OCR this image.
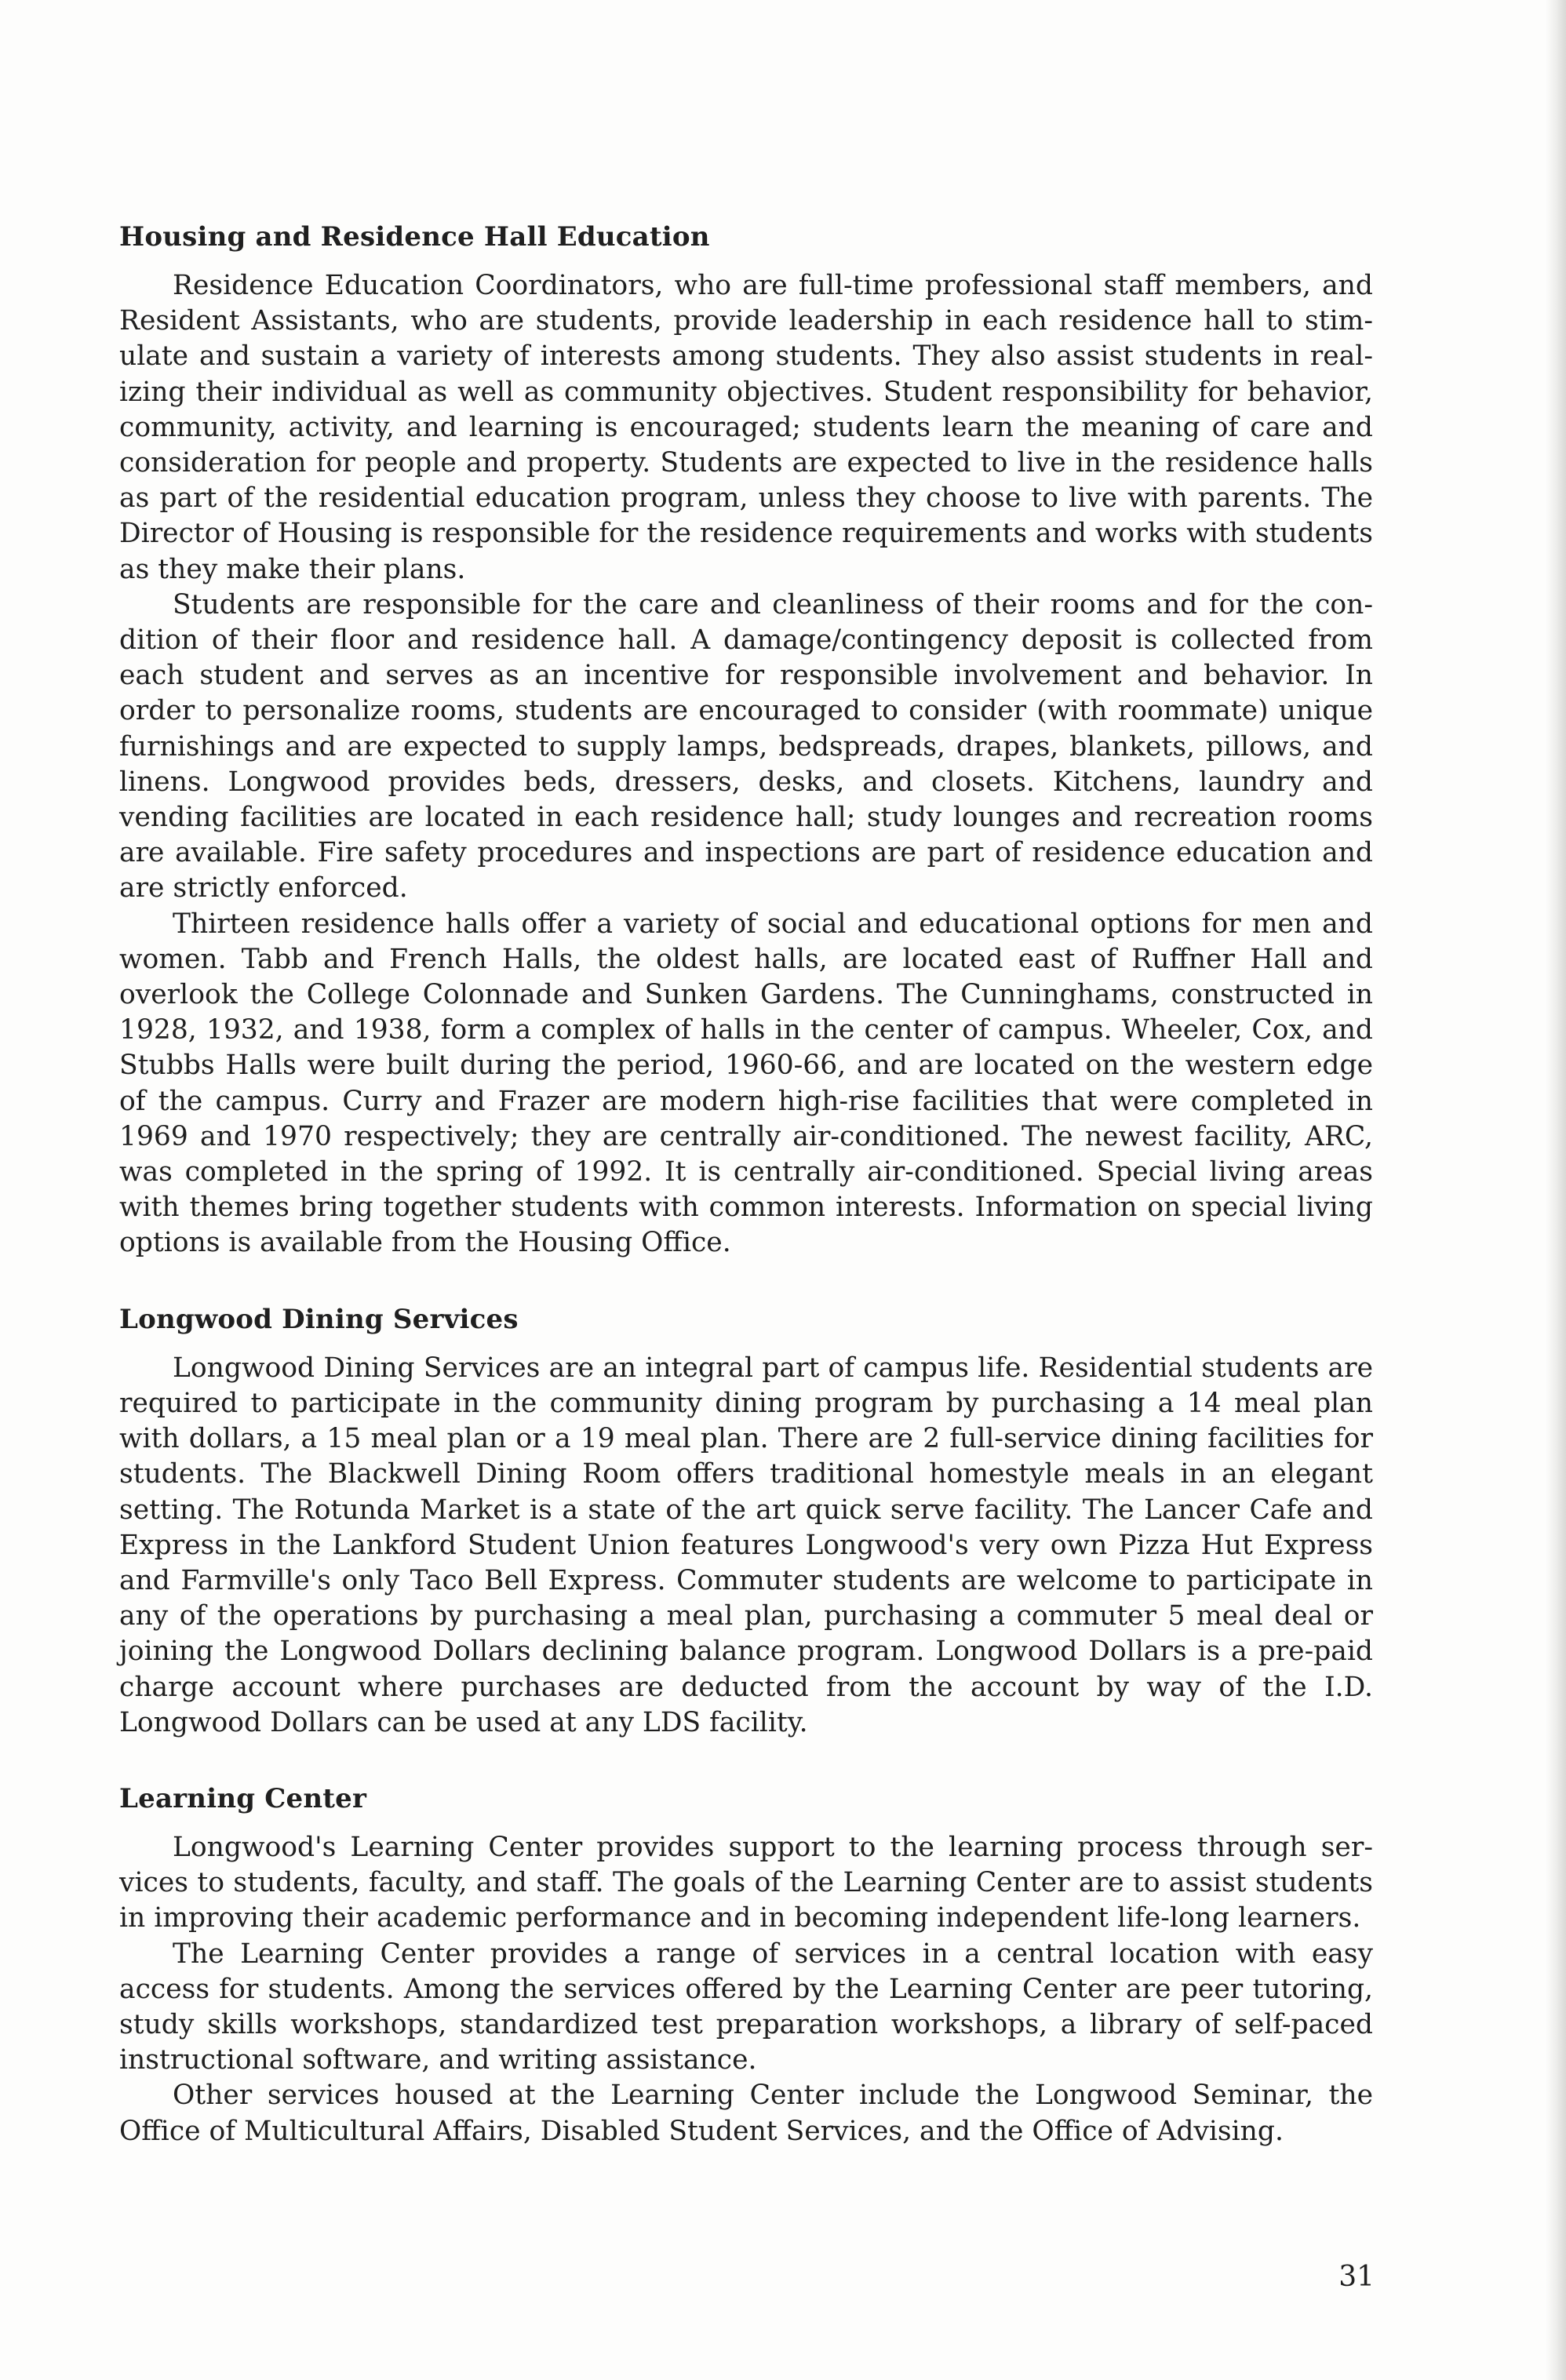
Housing and Residence Hall Education

Residence Education Coordinators, who are full-time professional staff members, and Resident Assistants, who are students, provide leadership in each residence hall to stimulate and sustain a variety of interests among students. They also assist students in realizing their individual as well as community objectives. Student responsibility for behavior, community, activity, and learning is encouraged; students learn the meaning of care and consideration for people and property. Students are expected to live in the residence halls as part of the residential education program, unless they choose to live with parents. The Director of Housing is responsible for the residence requirements and works with students as they make their plans.

Students are responsible for the care and cleanliness of their rooms and for the condition of their floor and residence hall. A damage/contingency deposit is collected from each student and serves as an incentive for responsible involvement and behavior. In order to personalize rooms, students are encouraged to consider (with roommate) unique furnishings and are expected to supply lamps, bedspreads, drapes, blankets, pillows, and linens. Longwood provides beds, dressers, desks, and closets. Kitchens, laundry and vending facilities are located in each residence hall; study lounges and recreation rooms are available. Fire safety procedures and inspections are part of residence education and are strictly enforced.

Thirteen residence halls offer a variety of social and educational options for men and women. Tabb and French Halls, the oldest halls, are located east of Ruffner Hall and overlook the College Colonnade and Sunken Gardens. The Cunninghams, constructed in 1928, 1932, and 1938, form a complex of halls in the center of campus. Wheeler, Cox, and Stubbs Halls were built during the period, 1960-66, and are located on the western edge of the campus. Curry and Frazer are modern high-rise facilities that were completed in 1969 and 1970 respectively; they are centrally air-conditioned. The newest facility, ARC, was completed in the spring of 1992. It is centrally air-conditioned. Special living areas with themes bring together students with common interests. Information on special living options is available from the Housing Office.

Longwood Dining Services

Longwood Dining Services are an integral part of campus life. Residential students are required to participate in the community dining program by purchasing a 14 meal plan with dollars, a 15 meal plan or a 19 meal plan. There are 2 full-service dining facilities for students. The Blackwell Dining Room offers traditional homestyle meals in an elegant setting. The Rotunda Market is a state of the art quick serve facility. The Lancer Cafe and Express in the Lankford Student Union features Longwood's very own Pizza Hut Express and Farmville's only Taco Bell Express. Commuter students are welcome to participate in any of the operations by purchasing a meal plan, purchasing a commuter 5 meal deal or joining the Longwood Dollars declining balance program. Longwood Dollars is a pre-paid charge account where purchases are deducted from the account by way of the I.D. Longwood Dollars can be used at any LDS facility.

Learning Center

Longwood's Learning Center provides support to the learning process through services to students, faculty, and staff. The goals of the Learning Center are to assist students in improving their academic performance and in becoming independent life-long learners.

The Learning Center provides a range of services in a central location with easy access for students. Among the services offered by the Learning Center are peer tutoring, study skills workshops, standardized test preparation workshops, a library of self-paced instructional software, and writing assistance.

Other services housed at the Learning Center include the Longwood Seminar, the Office of Multicultural Affairs, Disabled Student Services, and the Office of Advising.

31
